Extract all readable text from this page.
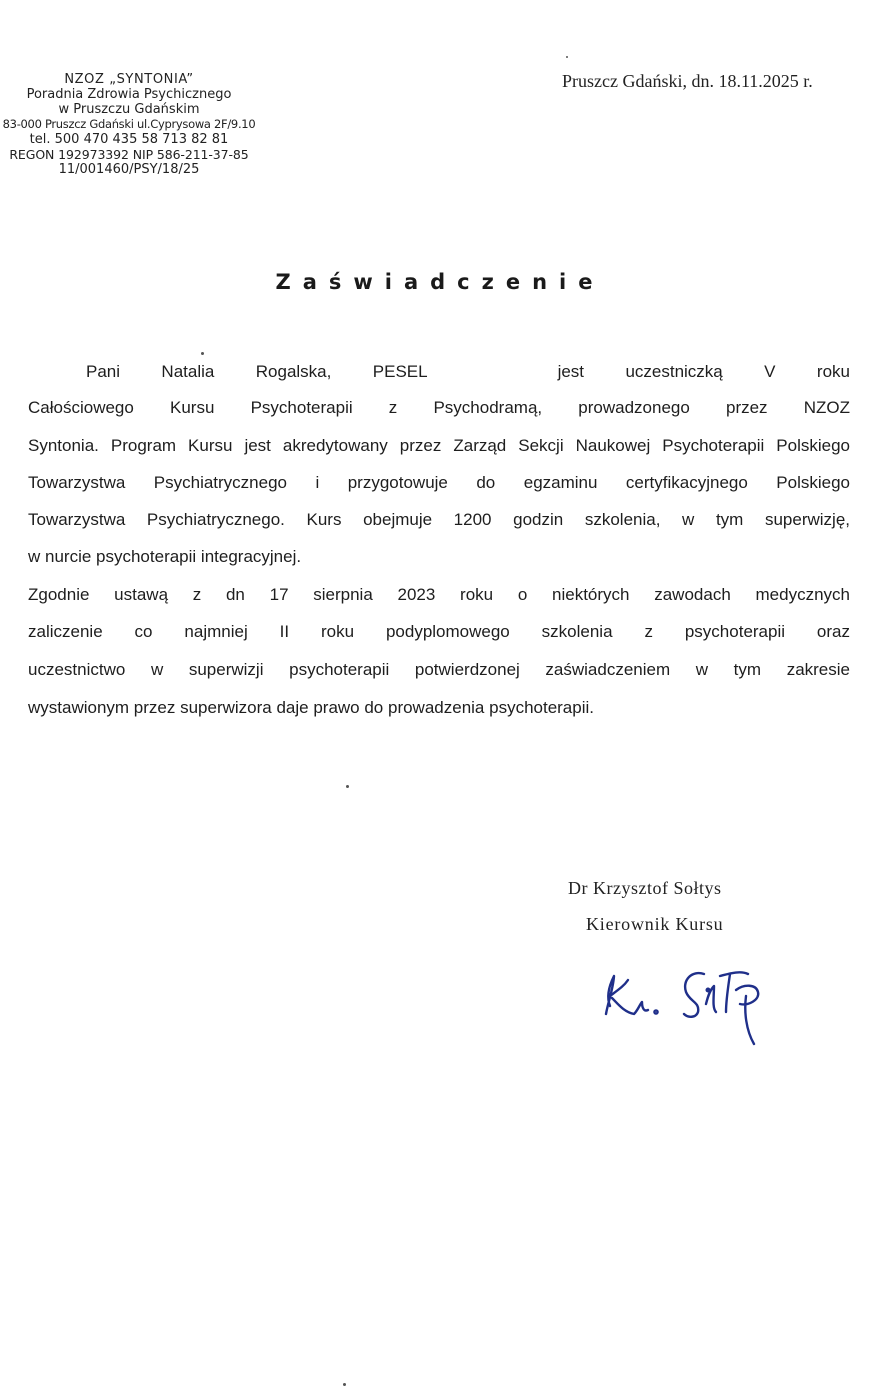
NZOZ „SYNTONIA”
Poradnia Zdrowia Psychicznego
w Pruszczu Gdańskim
83-000 Pruszcz Gdański ul.Cyprysowa 2F/9.10
tel. 500 470 435 58 713 82 81
REGON 192973392 NIP 586-211-37-85
11/001460/PSY/18/25
Pruszcz Gdański, dn. 18.11.2025 r.
Zaświadczenie
Pani Natalia Rogalska, PESEL	jest uczestniczką V roku
Całościowego Kursu Psychoterapii z Psychodramą, prowadzonego przez NZOZ
Syntonia. Program Kursu jest akredytowany przez Zarząd Sekcji Naukowej Psychoterapii Polskiego
Towarzystwa Psychiatrycznego i przygotowuje do egzaminu certyfikacyjnego Polskiego
Towarzystwa Psychiatrycznego. Kurs obejmuje 1200 godzin szkolenia, w tym superwizję,
w nurcie psychoterapii integracyjnej.
Zgodnie ustawą z dn 17 sierpnia 2023 roku o niektórych zawodach medycznych
zaliczenie co najmniej II roku podyplomowego szkolenia z psychoterapii oraz
uczestnictwo w superwizji psychoterapii potwierdzonej zaświadczeniem w tym zakresie
wystawionym przez superwizora daje prawo do prowadzenia psychoterapii.
Dr Krzysztof Sołtys
Kierownik Kursu
